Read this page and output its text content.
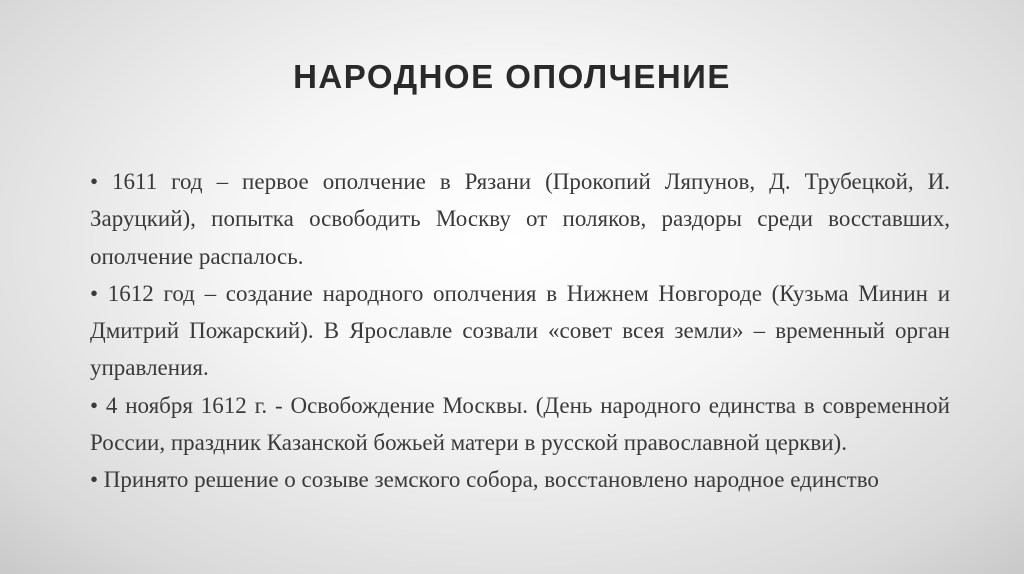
НАРОДНОЕ ОПОЛЧЕНИЕ

• 1611 год – первое ополчение в Рязани (Прокопий Ляпунов, Д. Трубецкой, И. Заруцкий), попытка освободить Москву от поляков, раздоры среди восставших, ополчение распалось.

• 1612 год – создание народного ополчения в Нижнем Новгороде (Кузьма Минин и Дмитрий Пожарский). В Ярославле созвали «совет всея земли» – временный орган управления.

• 4 ноября 1612 г. - Освобождение Москвы. (День народного единства в современной России, праздник Казанской божьей матери в русской православной церкви).

• Принято решение о созыве земского собора, восстановлено народное единство
